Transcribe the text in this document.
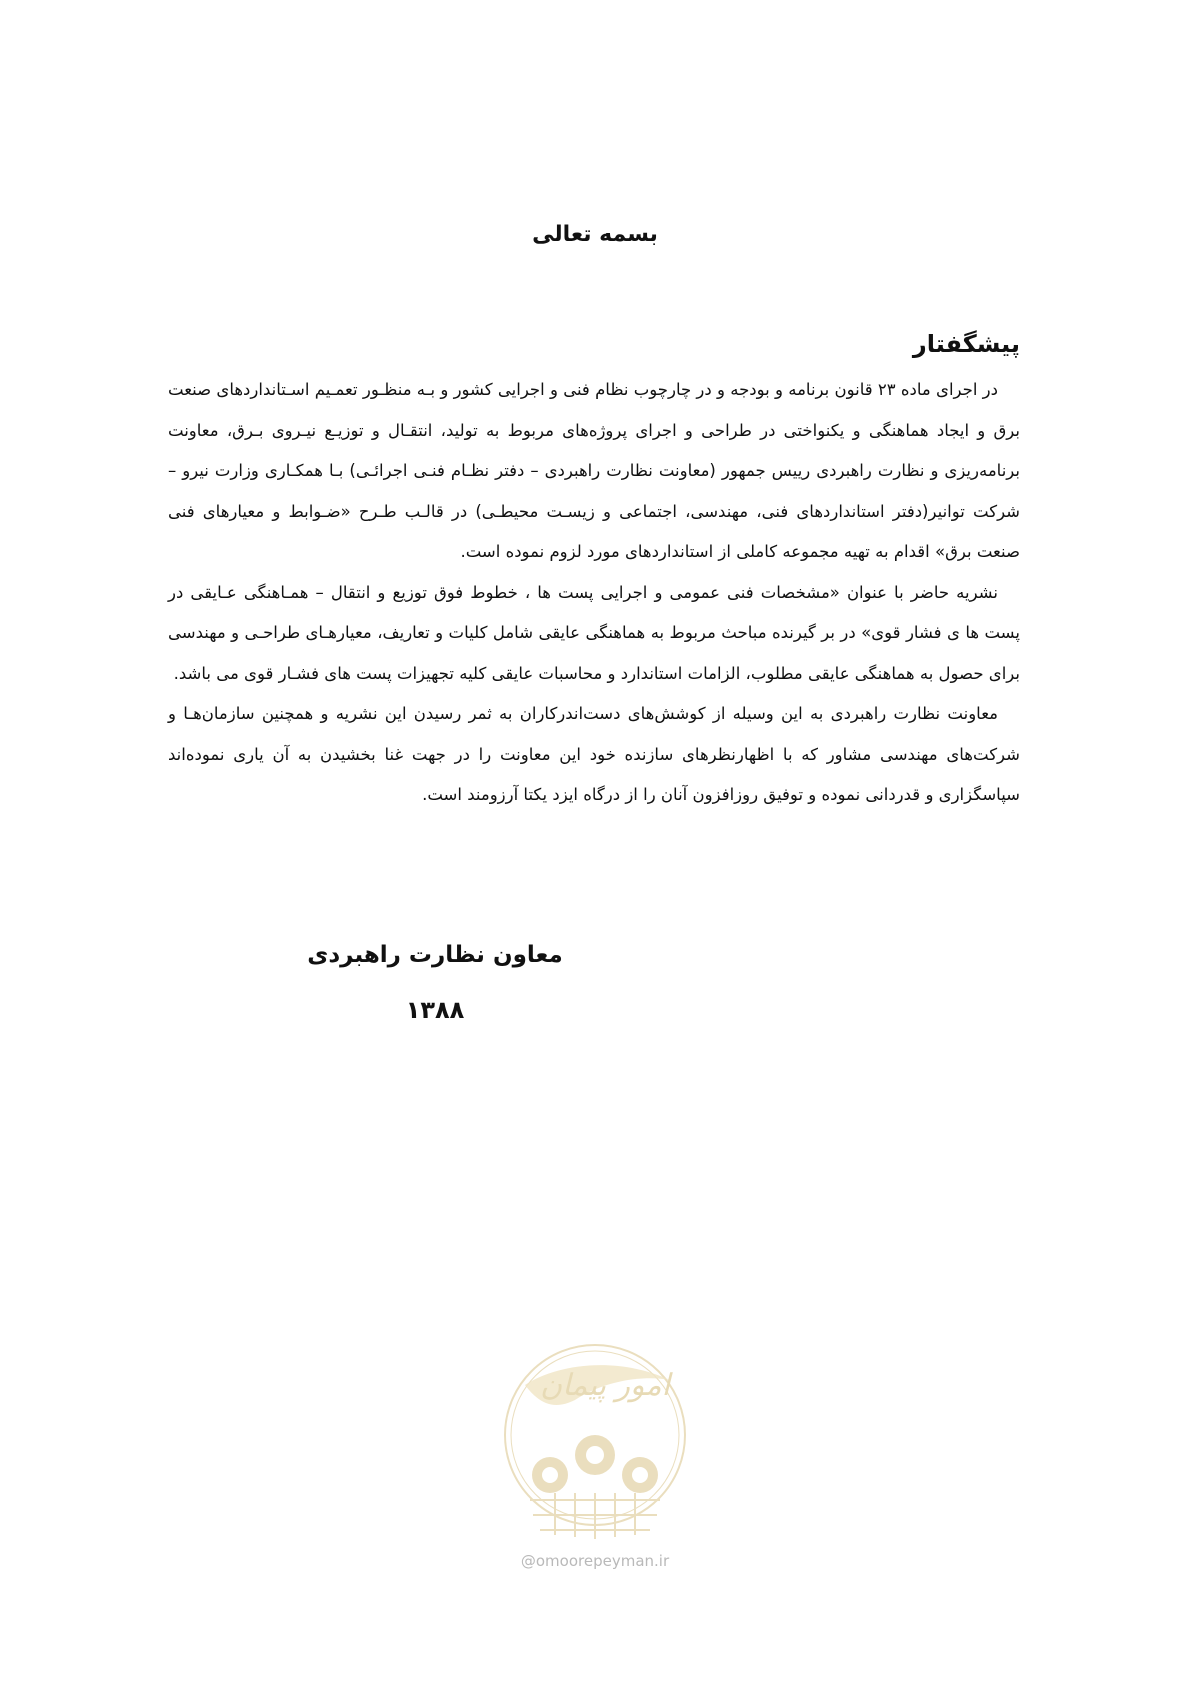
بسمه تعالی
پیشگفتار

در اجرای ماده ۲۳ قانون برنامه و بودجه و در چارچوب نظام فنی و اجرایی کشور و بـه منظـور تعمـیم اسـتانداردهای صنعت برق و ایجاد هماهنگی و یکنواختی در طراحی و اجرای پروژه‌های مربوط به تولید، انتقـال و توزیـع نیـروی بـرق، معاونت برنامه‌ریزی و نظارت راهبردی رییس جمهور (معاونت نظارت راهبردی – دفتر نظـام فنـی اجرائـی) بـا همکـاری وزارت نیرو – شرکت توانیر(دفتر استانداردهای فنی، مهندسی، اجتماعی و زیسـت محیطـی) در قالـب طـرح «ضـوابط و معیارهای فنی صنعت برق» اقدام به تهیه مجموعه کاملی از استانداردهای مورد لزوم نموده است.

نشریه حاضر با عنوان «مشخصات فنی عمومی و اجرایی پست ها ، خطوط فوق توزیع و انتقال – همـاهنگی عـایقی در پست ها ی فشار قوی» در بر گیرنده مباحث مربوط به هماهنگی عایقی شامل کلیات و تعاریف، معیارهـای طراحـی و مهندسی برای حصول به هماهنگی عایقی مطلوب، الزامات استاندارد و محاسبات عایقی کلیه تجهیزات پست های فشـار قوی می باشد.

معاونت نظارت راهبردی به این وسیله از کوشش‌های دست‌اندرکاران به ثمر رسیدن این نشریه و همچنین سازمان‌هـا و شرکت‌های مهندسی مشاور که با اظهارنظرهای سازنده خود این معاونت را در جهت غنا بخشیدن به آن یاری نموده‌اند سپاسگزاری و قدردانی نموده و توفیق روزافزون آنان را از درگاه ایزد یکتا آرزومند است.

معاون نظارت راهبردی
۱۳۸۸
امور پیمان
@omoorepeyman.ir
